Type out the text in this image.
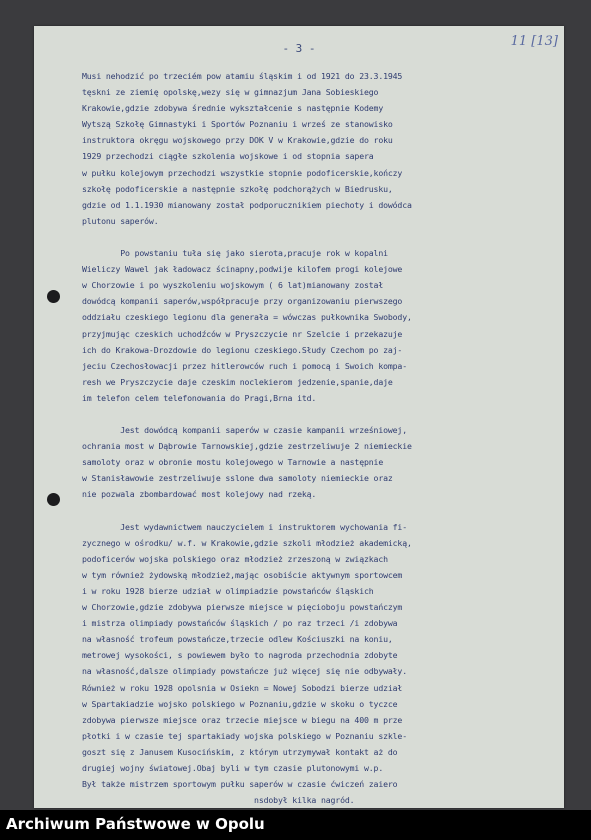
- 3 -	11 [13]
Musi nehodzić po trzeciém pow atamiu śląskim i od 1921 do 23.3.1945
tęskni ze ziemię opolskę,wezy się w gimnazjum Jana Sobieskiego
Krakowie,gdzie zdobywa średnie wykształcenie s następnie Kodemy
Wytszą Szkołę Gimnastyki i Sportów Poznaniu i wrześ ze stanowisko
instruktora okręgu wojskowego przy DOK V w Krakowie,gdzie do roku
1929 przechodzi ciągłe szkolenia wojskowe i od stopnia sapera
w pułku kolejowym przechodzi wszystkie stopnie podoficerskie,kończy
szkołę podoficerskie a następnie szkołę podchorążych w Biedrusku,
gdzie od 1.1.1930 mianowany został podporucznikiem piechoty i dowódca
plutonu saperów.

Po powstaniu tuła się jako sierota,pracuje rok w kopalni
Wieliczy Wawel jak ładowacz ścinapny,podwije kilofem progi kolejowe
w Chorzowie i po wyszkoleniu wojskowym ( 6 lat)mianowany został
dowódcą kompanii saperów,współpracuje przy organizowaniu pierwszego
oddziału czeskiego legionu dla generała = wówczas pułkownika Swobody,
przyjmując czeskich uchodźców w Pryszczycie nr Szelcie i przekazuje
ich do Krakowa-Drozdowie do legionu czeskiego.Słudy Czechom po zaj-
jeciu Czechosłowacji przez hitlerowców ruch i pomocą i Swoich kompa-
resh we Pryszczycie daje czeskim noclekierom jedzenie,spanie,daje
im telefon celem telefonowania do Pragi,Brna itd.

Jest dowódcą kompanii saperów w czasie kampanii wrześniowej,
ochrania most w Dąbrowie Tarnowskiej,gdzie zestrzeliwuje 2 niemieckie
samoloty oraz w obronie mostu kolejowego w Tarnowie a następnie
w Stanisławowie zestrzeliwuje sslone dwa samoloty niemieckie oraz
nie pozwala zbombardować most kolejowy nad rzeką.

Jest wydawnictwem nauczycielem i instruktorem wychowania fi-
zycznego w ośrodku/ w.f. w Krakowie,gdzie szkoli młodzież akademicką,
podoficerów wojska polskiego oraz młodzież zrzeszoną w związkach
w tym również żydowską młodzież,mając osobiście aktywnym sportowcem
i w roku 1928 bierze udział w olimpiadzie powstańców śląskich
w Chorzowie,gdzie zdobywa pierwsze miejsce w pięcioboju powstańczym
i mistrza olimpiady powstańców śląskich / po raz trzeci /i zdobywa
na własność trofeum powstańcze,trzecie odlew Kościuszki na koniu,
metrowej wysokości, s powiewem było to nagroda przechodnia zdobyte
na własność,dalsze olimpiady powstańcze już więcej się nie odbywały.
Również w roku 1928 opolsnia w Osiekn = Nowej Sobodzi bierze udział
w Spartakiadzie wojsko polskiego w Poznaniu,gdzie w skoku o tyczce
zdobywa pierwsze miejsce oraz trzecie miejsce w biegu na 400 m prze
płotki i w czasie tej spartakiady wojska polskiego w Poznaniu szkle-
goszt się z Janusem Kusocińskim, z którym utrzymywał kontakt aż do
drugiej wojny światowej.Obaj byli w tym czasie plutonowymi w.p.
Był także mistrzem sportowym pułku saperów w czasie ćwiczeń zaiero
nsdobył kilka nagród.
Archiwum Państwowe w Opolu
